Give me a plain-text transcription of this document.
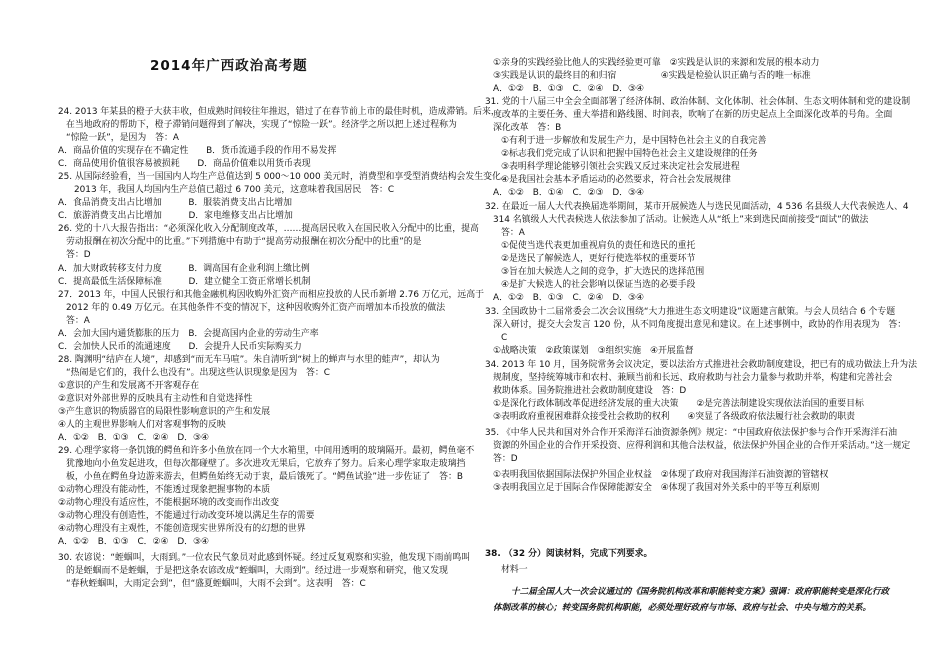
2014年广西政治高考题
24. 2013 年某县的橙子大获丰收，但成熟时间较往年推迟，错过了在春节前上市的最佳时机，造成滞销。后来，
在当地政府的帮助下，橙子滞销问题得到了解决，实现了“惊险一跃”。经济学之所以把上述过程称为
“惊险一跃”，是因为　答：A
A．商品价值的实现存在不确定性　　B．货币流通手段的作用不易发挥
C．商品使用价值很容易被损耗　　D．商品价值难以用货币表现
25. 从国际经验看，当一国国内人均生产总值达到 5 000～10 000 美元时，消费型和享受型消费结构会发生变化。
2013 年，我国人均国内生产总值已超过 6 700 美元，这意味着我国居民　答：C
A．食品消费支出占比增加　　　B．服装消费支出占比增加
C．旅游消费支出占比增加　　　D．家电维修支出占比增加
26. 党的十八大报告指出：“必须深化收入分配制度改革，……提高居民收入在国民收入分配中的比重，提高
劳动报酬在初次分配中的比重。”下列措施中有助于“提高劳动报酬在初次分配中的比重”的是
答：D
A．加大财政转移支付力度　　　B．调高国有企业利润上缴比例
C．提高最低生活保障标准　　　D．建立健全工资正常增长机制
27．2013 年，中国人民银行和其他金融机构因收购外汇资产而相应投放的人民币新增 2.76 万亿元，远高于
2012 年的 0.49 万亿元。在其他条件不变的情况下，这种因收购外汇资产而增加本币投放的做法
答：A
A．会加大国内通货膨胀的压力　B．会提高国内企业的劳动生产率
C．会加快人民币的流通速度　　D．会提升人民币实际购买力
28. 陶渊明“结庐在人境”，却感到“而无车马喧”。朱自清听到“树上的蝉声与水里的蛙声”，却认为
“热闹是它们的，我什么也没有”。出现这些认识现象是因为　答：C
①意识的产生和发展离不开客观存在
②意识对外部世界的反映具有主动性和自觉选择性
③产生意识的物质器官的局限性影响意识的产生和发展
④人的主观世界影响人们对客观事物的反映
A．①②　B．①③　C．②④　D．③④
29. 心理学家将一条饥饿的鳄鱼和许多小鱼放在同一个大水箱里，中间用透明的玻璃隔开。最初，鳄鱼毫不
犹豫地向小鱼发起进攻，但每次都碰壁了。多次进攻无果后，它放弃了努力。后来心理学家取走玻璃挡
板，小鱼在鳄鱼身边游来游去，但鳄鱼始终无动于衷，最后饿死了。“鳄鱼试验”进一步佐证了　答：B
①动物心理没有能动性，不能透过现象把握事物的本质
②动物心理没有适应性，不能根据环境的改变而作出改变
③动物心理没有创造性，不能通过行动改变环境以满足生存的需要
④动物心理没有主观性，不能创造现实世界所没有的幻想的世界
A．①②　B．①③　C．②④　D．③④
30. 农谚说：“蛭蝈叫，大雨到。”一位农民气象员对此感到怀疑。经过反复观察和实验，他发现下雨前鸣叫
的是蛭蝈而不是蛭蝈，于是把这条农谚改成“蛭蝈叫，大雨到”。经过进一步观察和研究，他又发现
“春秋蛭蝈叫，大雨定会到”，但“盛夏蛭蝈叫，大雨不会到”。这表明　答：C
①亲身的实践经验比他人的实践经验更可靠　②实践是认识的来源和发展的根本动力
③实践是认识的最终目的和归宿　　　　　④实践是检验认识正确与否的唯一标准
A．①②　B．①③　C．②④　D．③④
31. 党的十八届三中全会全面部署了经济体制、政治体制、文化体制、社会体制、生态文明体制和党的建设制
度改革的主要任务、重大举措和路线图、时间表，吹响了在新的历史起点上全面深化改革的号角。全面
深化改革　答：B
①有利于进一步解放和发展生产力，是中国特色社会主义的自我完善
②标志我们党完成了认识和把握中国特色社会主义建设规律的任务
③表明科学理论能够引领社会实践又反过来决定社会发展进程
④是我国社会基本矛盾运动的必然要求，符合社会发展规律
A．①②　B．①④　C．②③　D．③④
32. 在最近一届人大代表换届选举期间，某市开展候选人与选民见面活动，4 536 名县级人大代表候选人、4
314 名镇级人大代表候选人依法参加了活动。让候选人从“纸上”来到选民面前接受“面试”的做法
答：A
①促使当选代表更加重视肩负的责任和选民的重托
②是选民了解候选人，更好行使选举权的重要环节
③旨在加大候选人之间的竞争，扩大选民的选择范围
④是扩大候选人的社会影响以保证当选的必要手段
A．①②　B．①③　C．②④　D．③④
33. 全国政协十二届常委会二次会议围绕“大力推进生态文明建设”议题建言献策。与会人员结合 6 个专题
深入研讨，提交大会发言 120 份，从不同角度提出意见和建议。在上述事例中，政协的作用表现为　答：
C
①战略决策　②政策谋划　③组织实施　④开展监督
34. 2013 年 10 月，国务院常务会议决定，要以法治方式推进社会救助制度建设，把已有的成功做法上升为法
规制度，坚持统筹城市和农村、兼顾当前和长远、政府救助与社会力量参与救助并举，构建和完善社会
救助体系。国务院推进社会救助制度建设　答：D
①是深化行政体制改革促进经济发展的重大决策　　②是完善法制建设实现依法治国的重要目标
③表明政府重视困难群众接受社会救助的权利　　④突显了各级政府依法履行社会救助的职责
35. 《中华人民共和国对外合作开采海洋石油资源条例》规定：“中国政府依法保护参与合作开采海洋石油
资源的外国企业的合作开采投资、应得利润和其他合法权益，依法保护外国企业的合作开采活动。”这一规定
答：D
①表明我国依据国际法保护外国企业权益　②体现了政府对我国海洋石油资源的管辖权
③表明我国立足于国际合作保障能源安全　④体现了我国对外关系中的平等互利原则
38. （32 分）阅读材料，完成下列要求。
材料一
十二届全国人大一次会议通过的《国务院机构改革和职能转变方案》强调：政府职能转变是深化行政
体制改革的核心；转变国务院机构职能，必须处理好政府与市场、政府与社会、中央与地方的关系。
